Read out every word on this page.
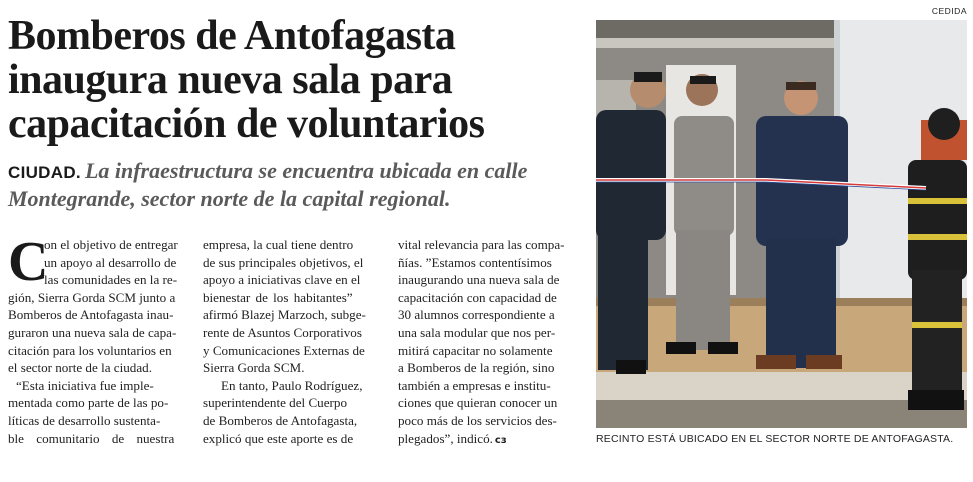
CEDIDA
Bomberos de Antofagasta
inaugura nueva sala para
capacitación de voluntarios
CIUDAD. La infraestructura se encuentra ubicada en calle
Montegrande, sector norte de la capital regional.
C
on el objetivo de entregar
un apoyo al desarrollo de
las comunidades en la re-
gión, Sierra Gorda SCM junto a
Bomberos de Antofagasta inau-
guraron una nueva sala de capa-
citación para los voluntarios en
el sector norte de la ciudad.
“Esta iniciativa fue imple-
mentada como parte de las po-
líticas de desarrollo sustenta-
ble comunitario de nuestra
empresa, la cual tiene dentro
de sus principales objetivos, el
apoyo a iniciativas clave en el
bienestar de los habitantes”
afirmó Blazej Marzoch, subge-
rente de Asuntos Corporativos
y Comunicaciones Externas de
Sierra Gorda SCM.
En tanto, Paulo Rodríguez,
superintendente del Cuerpo
de Bomberos de Antofagasta,
explicó que este aporte es de
vital relevancia para las compa-
ñías. ”Estamos contentísimos
inaugurando una nueva sala de
capacitación con capacidad de
30 alumnos correspondiente a
una sala modular que nos per-
mitirá capacitar no solamente
a Bomberos de la región, sino
también a empresas e institu-
ciones que quieran conocer un
poco más de los servicios des-
plegados”, indicó. ϲз	RECINTO ESTÁ UBICADO EN EL SECTOR NORTE DE ANTOFAGASTA.
